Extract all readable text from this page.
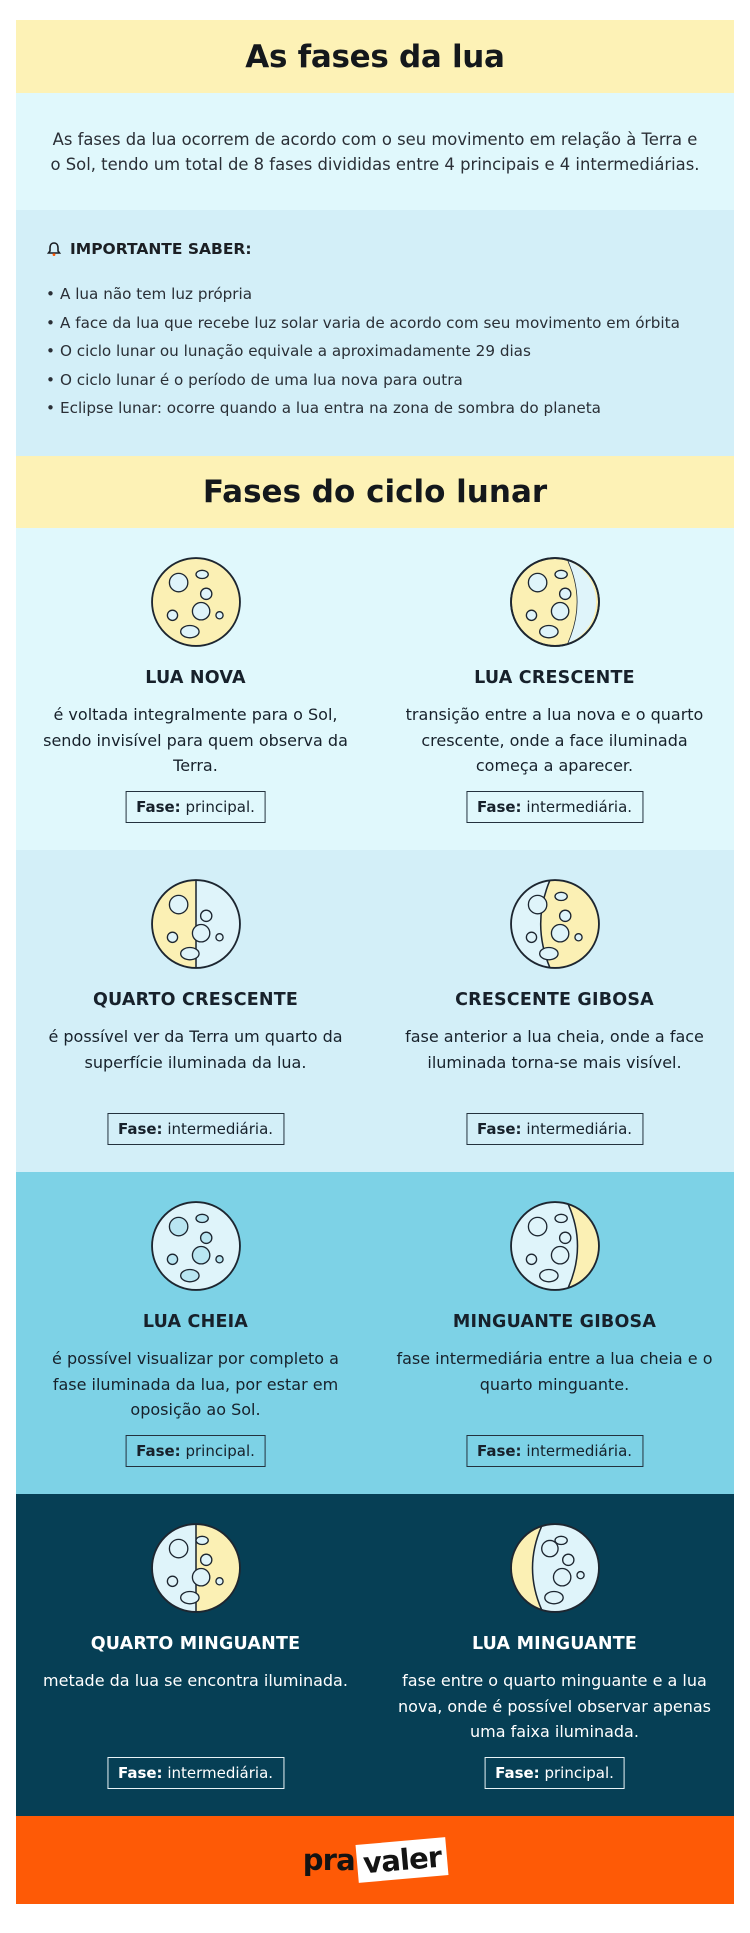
As fases da lua

As fases da lua ocorrem de acordo com o seu movimento em relação à Terra e o Sol, tendo um total de 8 fases divididas entre 4 principais e 4 intermediárias.

IMPORTANTE SABER:
• A lua não tem luz própria
• A face da lua que recebe luz solar varia de acordo com seu movimento em órbita
• O ciclo lunar ou lunação equivale a aproximadamente 29 dias
• O ciclo lunar é o período de uma lua nova para outra
• Eclipse lunar: ocorre quando a lua entra na zona de sombra do planeta
Fases do ciclo lunar
LUA NOVA
é voltada integralmente para o Sol, sendo invisível para quem observa da Terra.
Fase: principal.
LUA CRESCENTE
transição entre a lua nova e o quarto crescente, onde a face iluminada começa a aparecer.
Fase: intermediária.
QUARTO CRESCENTE
é possível ver da Terra um quarto da superfície iluminada da lua.
Fase: intermediária.
CRESCENTE GIBOSA
fase anterior a lua cheia, onde a face iluminada torna-se mais visível.
Fase: intermediária.
LUA CHEIA
é possível visualizar por completo a fase iluminada da lua, por estar em oposição ao Sol.
Fase: principal.
MINGUANTE GIBOSA
fase intermediária entre a lua cheia e o quarto minguante.
Fase: intermediária.
QUARTO MINGUANTE
metade da lua se encontra iluminada.
Fase: intermediária.
LUA MINGUANTE
fase entre o quarto minguante e a lua nova, onde é possível observar apenas uma faixa iluminada.
Fase: principal.
pra valer
